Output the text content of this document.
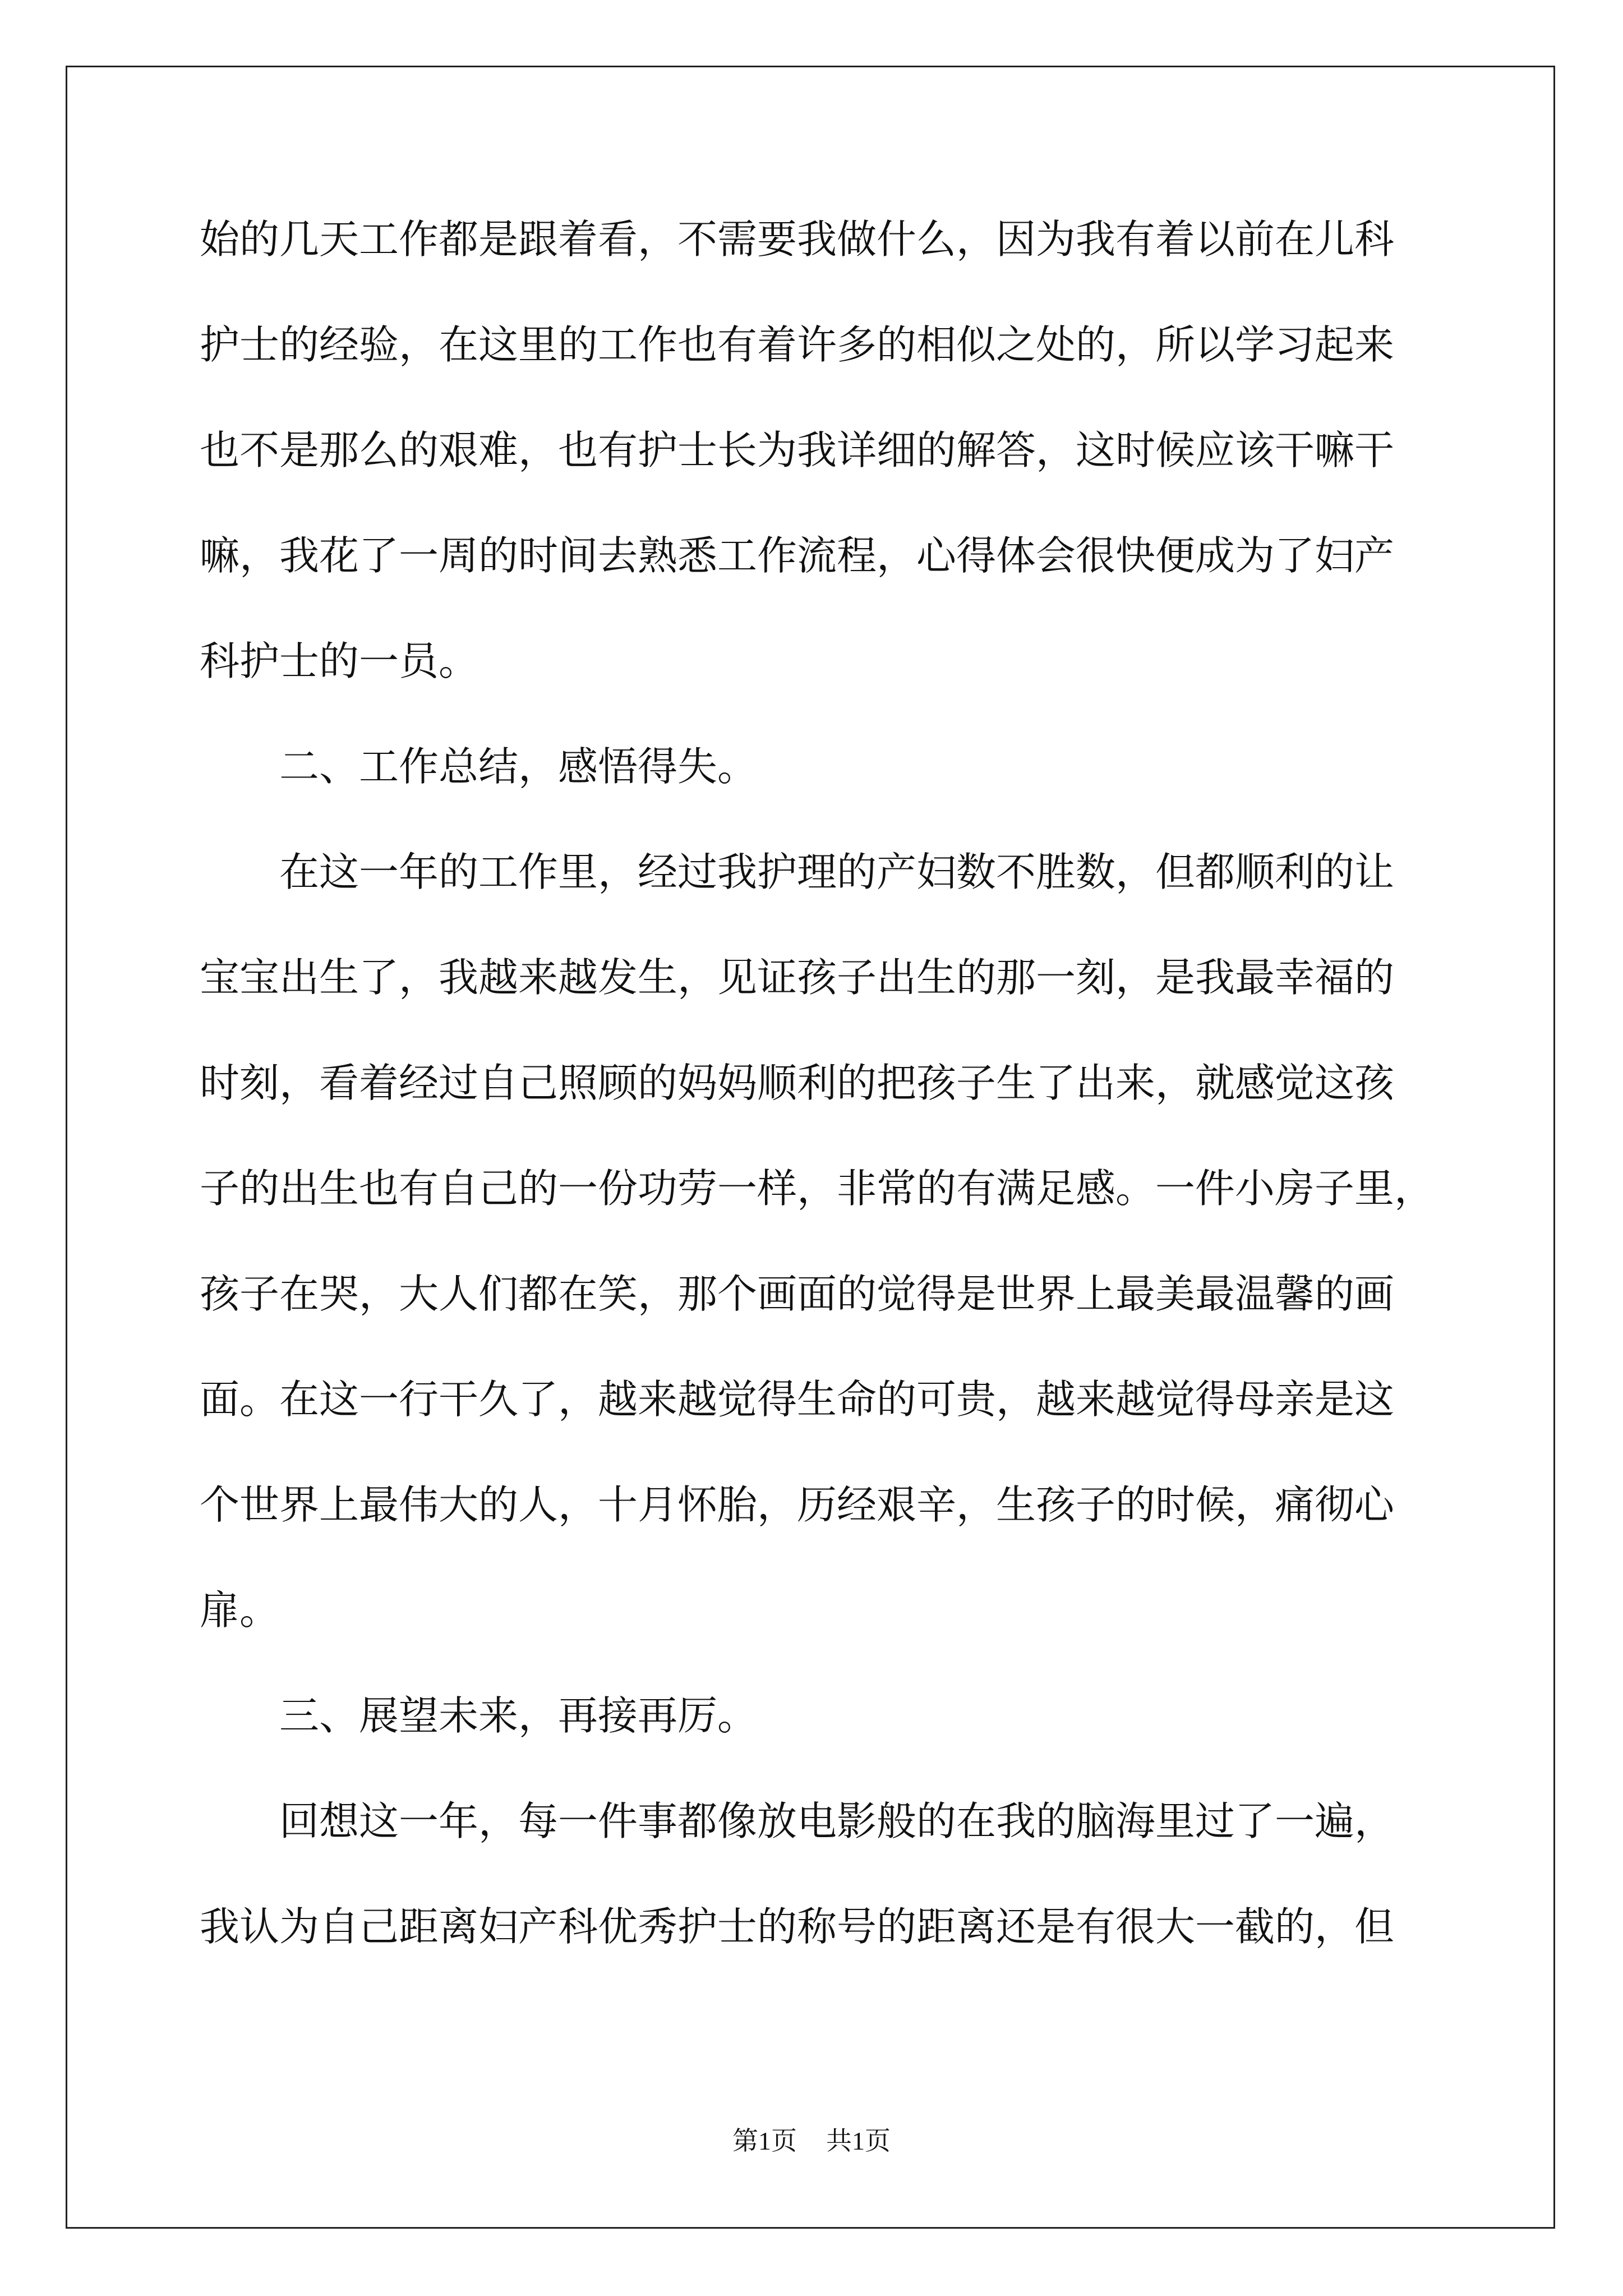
始的几天工作都是跟着看，不需要我做什么，因为我有着以前在儿科
护士的经验，在这里的工作也有着许多的相似之处的，所以学习起来
也不是那么的艰难，也有护士长为我详细的解答，这时候应该干嘛干
嘛，我花了一周的时间去熟悉工作流程，心得体会很快便成为了妇产
科护士的一员。
二、工作总结，感悟得失。
在这一年的工作里，经过我护理的产妇数不胜数，但都顺利的让
宝宝出生了，我越来越发生，见证孩子出生的那一刻，是我最幸福的
时刻，看着经过自己照顾的妈妈顺利的把孩子生了出来，就感觉这孩
子的出生也有自己的一份功劳一样，非常的有满足感。一件小房子里，
孩子在哭，大人们都在笑，那个画面的觉得是世界上最美最温馨的画
面。在这一行干久了，越来越觉得生命的可贵，越来越觉得母亲是这
个世界上最伟大的人，十月怀胎，历经艰辛，生孩子的时候，痛彻心
扉。
三、展望未来，再接再厉。
回想这一年，每一件事都像放电影般的在我的脑海里过了一遍，
我认为自己距离妇产科优秀护士的称号的距离还是有很大一截的，但
第1页 共1页
